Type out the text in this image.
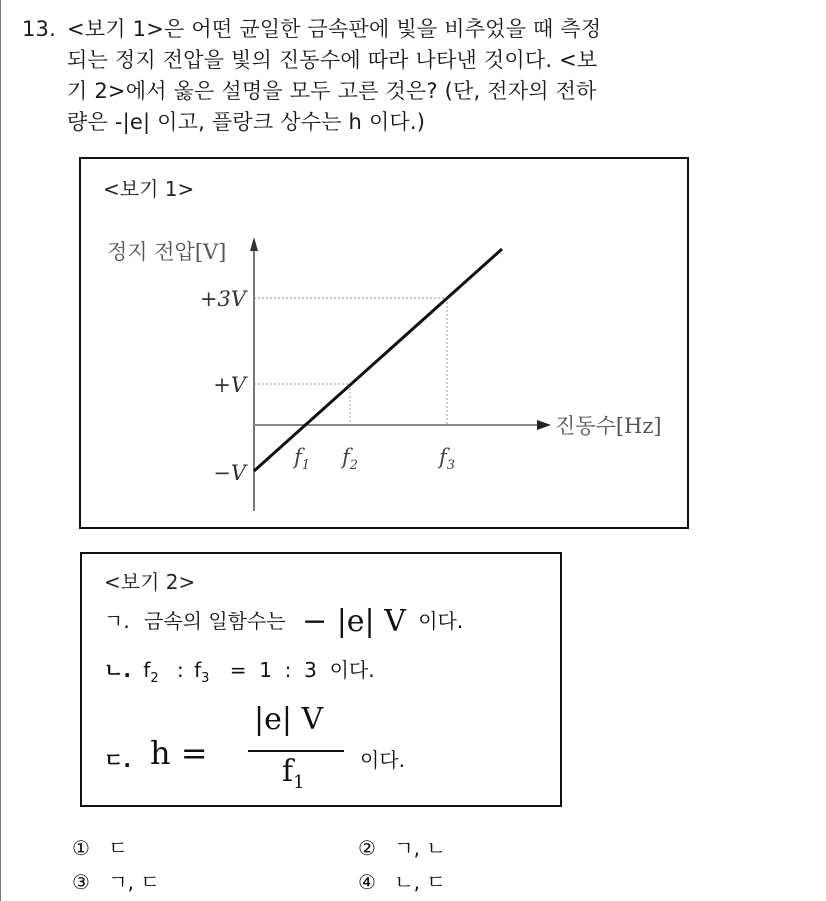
13. <보기 1>은 어떤 균일한 금속판에 빛을 비추었을 때 측정
되는 정지 전압을 빛의 진동수에 따라 나타낸 것이다. <보
기 2>에서 옳은 설명을 모두 고른 것은? (단, 전자의 전하
량은 -|e| 이고, 플랑크 상수는 h 이다.)
<보기 1>
정지 전압[V]
+3V
+V
−V
$f_1$ $f_2$	$f_3$
진동수[Hz]
<보기 2>
ㄱ. 금속의 일함수는 − |e| V 이다.
ㄴ. $f_2$ : $f_3 = 1$  :  3  이다.
ㄷ. h =
|e| V
$f_1$
이다.
① ㄷ	② ㄱ, ㄴ
③ ㄱ, ㄷ	④ ㄴ, ㄷ
